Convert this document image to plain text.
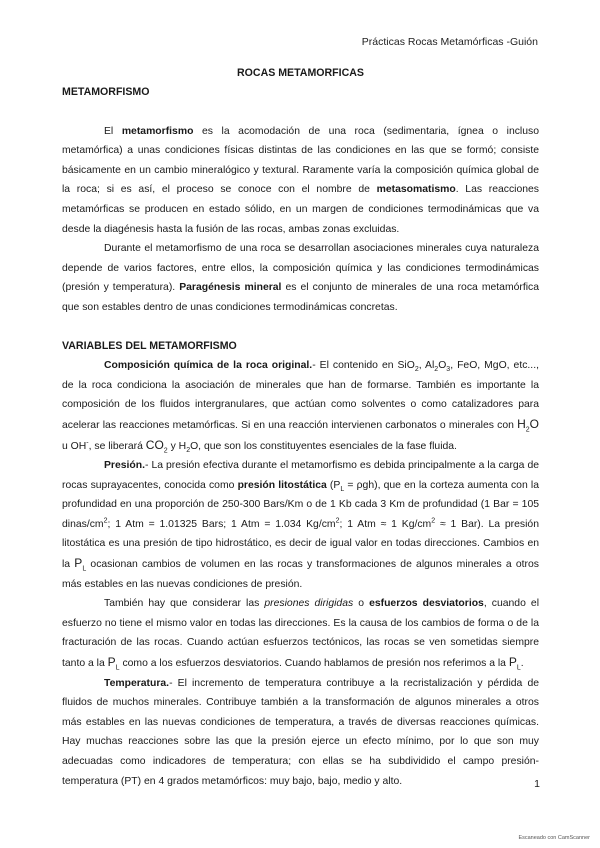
Prácticas Rocas Metamórficas -Guión

ROCAS METAMORFICAS

METAMORFISMO

El metamorfismo es la acomodación de una roca (sedimentaria, ígnea o incluso metamórfica) a unas condiciones físicas distintas de las condiciones en las que se formó; consiste básicamente en un cambio mineralógico y textural. Raramente varía la composición química global de la roca; si es así, el proceso se conoce con el nombre de metasomatismo. Las reacciones metamórficas se producen en estado sólido, en un margen de condiciones termodinámicas que va desde la diagénesis hasta la fusión de las rocas, ambas zonas excluidas.

Durante el metamorfismo de una roca se desarrollan asociaciones minerales cuya naturaleza depende de varios factores, entre ellos, la composición química y las condiciones termodinámicas (presión y temperatura). Paragénesis mineral es el conjunto de minerales de una roca metamórfica que son estables dentro de unas condiciones termodinámicas concretas.

VARIABLES DEL METAMORFISMO

Composición química de la roca original.- El contenido en SiO$_2$, $Al_2O_3$, FeO, MgO, etc..., de la roca condiciona la asociación de minerales que han de formarse. También es importante la composición de los fluidos intergranulares, que actúan como solventes o como catalizadores para acelerar las reacciones metamórficas. Si en una reacción intervienen carbonatos o minerales con $H_2O$ u OH-, se liberará $CO_2$ y $H_2O$, que son los constituyentes esenciales de la fase fluida.

Presión.- La presión efectiva durante el metamorfismo es debida principalmente a la carga de rocas suprayacentes, conocida como presión litostática $(P_L = \rho gh)$, que en la corteza aumenta con la profundidad en una proporción de 250-300 Bars/Km o de 1 Kb cada 3 Km de profundidad (1 Bar = 105 dinas/$cm^2$; 1 Atm = 1.01325 Bars; 1 Atm = 1.034 $Kg/cm^2$; 1 Atm ≈ 1 $Kg/cm^2 \approx 1$ Bar). La presión litostática es una presión de tipo hidrostático, es decir de igual valor en todas direcciones. Cambios en la $P_L$ ocasionan cambios de volumen en las rocas y transformaciones de algunos minerales a otros más estables en las nuevas condiciones de presión.

También hay que considerar las presiones dirigidas o esfuerzos desviatorios, cuando el esfuerzo no tiene el mismo valor en todas las direcciones. Es la causa de los cambios de forma o de la fracturación de las rocas. Cuando actúan esfuerzos tectónicos, las rocas se ven sometidas siempre tanto a la $P_L$ como a los esfuerzos desviatorios. Cuando hablamos de presión nos referimos a la $P_L$.

Temperatura.- El incremento de temperatura contribuye a la recristalización y pérdida de fluidos de muchos minerales. Contribuye también a la transformación de algunos minerales a otros más estables en las nuevas condiciones de temperatura, a través de diversas reacciones químicas. Hay muchas reacciones sobre las que la presión ejerce un efecto mínimo, por lo que son muy adecuadas como indicadores de temperatura; con ellas se ha subdividido el campo presión-temperatura (PT) en 4 grados metamórficos: muy bajo, bajo, medio y alto.	1
Escaneado con CamScanner
